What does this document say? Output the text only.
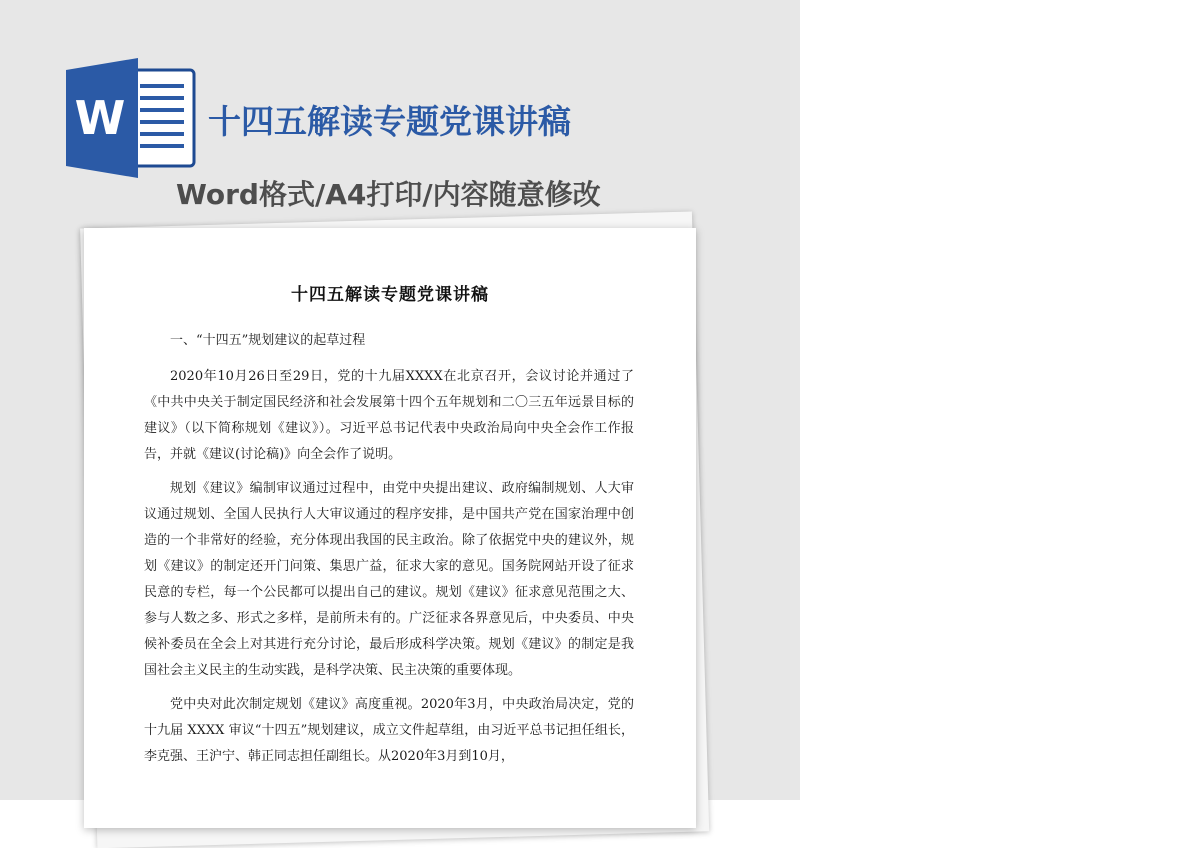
W	十四五解读专题党课讲稿
Word格式/A4打印/内容随意修改
十四五解读专题党课讲稿

一、“十四五”规划建议的起草过程

2020年10月26日至29日，党的十九届XXXX在北京召开，会议讨论并通过了《中共中央关于制定国民经济和社会发展第十四个五年规划和二〇三五年远景目标的建议》（以下简称规划《建议》）。习近平总书记代表中央政治局向中央全会作工作报告，并就《建议(讨论稿)》向全会作了说明。

规划《建议》编制审议通过过程中，由党中央提出建议、政府编制规划、人大审议通过规划、全国人民执行人大审议通过的程序安排，是中国共产党在国家治理中创造的一个非常好的经验，充分体现出我国的民主政治。除了依据党中央的建议外，规划《建议》的制定还开门问策、集思广益，征求大家的意见。国务院网站开设了征求民意的专栏，每一个公民都可以提出自己的建议。规划《建议》征求意见范围之大、参与人数之多、形式之多样，是前所未有的。广泛征求各界意见后，中央委员、中央候补委员在全会上对其进行充分讨论，最后形成科学决策。规划《建议》的制定是我国社会主义民主的生动实践，是科学决策、民主决策的重要体现。

党中央对此次制定规划《建议》高度重视。2020年3月，中央政治局决定，党的十九届 XXXX 审议“十四五”规划建议，成立文件起草组，由习近平总书记担任组长，李克强、王沪宁、韩正同志担任副组长。从2020年3月到10月，
